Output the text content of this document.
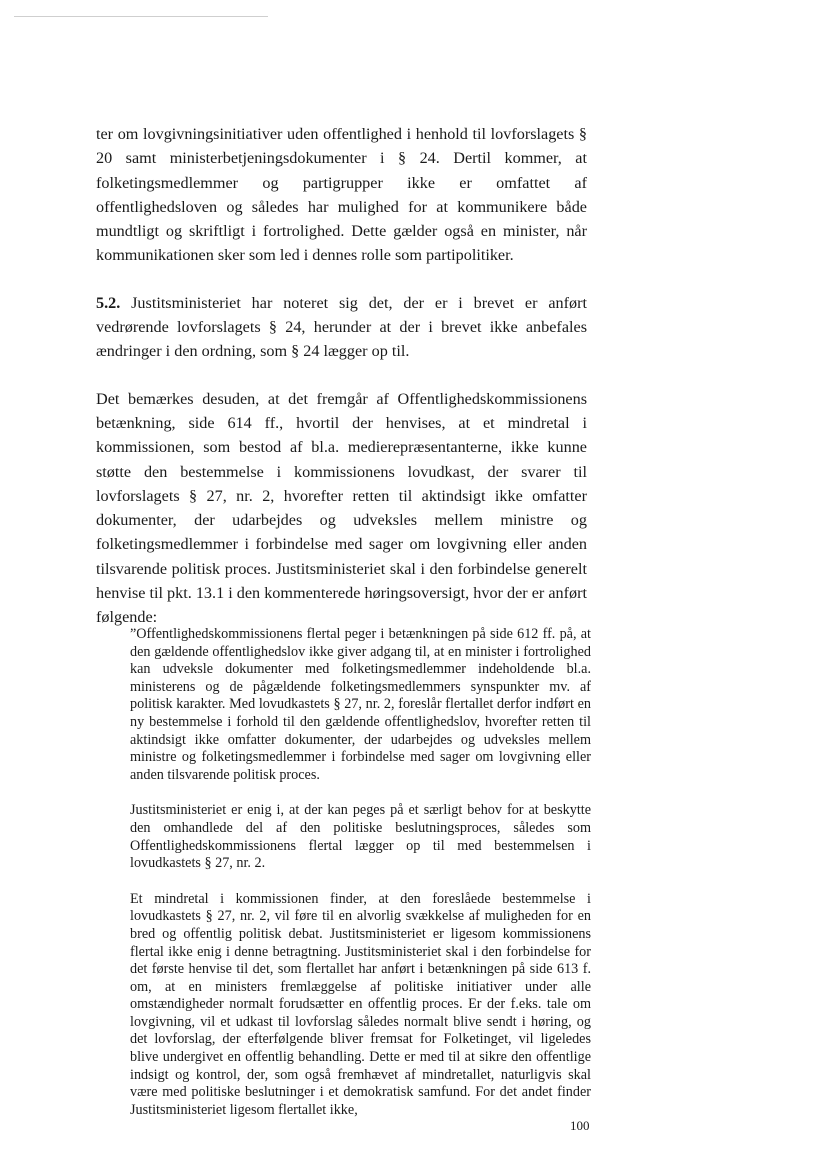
ter om lovgivningsinitiativer uden offentlighed i henhold til lovforslagets § 20 samt ministerbetjeningsdokumenter i § 24. Dertil kommer, at folketingsmedlemmer og partigrupper ikke er omfattet af offentlighedsloven og således har mulighed for at kommunikere både mundtligt og skriftligt i fortrolighed. Dette gælder også en minister, når kommunikationen sker som led i dennes rolle som partipolitiker.

5.2. Justitsministeriet har noteret sig det, der er i brevet er anført vedrørende lovforslagets § 24, herunder at der i brevet ikke anbefales ændringer i den ordning, som § 24 lægger op til.

Det bemærkes desuden, at det fremgår af Offentlighedskommissionens betænkning, side 614 ff., hvortil der henvises, at et mindretal i kommissionen, som bestod af bl.a. medierepræsentanterne, ikke kunne støtte den bestemmelse i kommissionens lovudkast, der svarer til lovforslagets § 27, nr. 2, hvorefter retten til aktindsigt ikke omfatter dokumenter, der udarbejdes og udveksles mellem ministre og folketingsmedlemmer i forbindelse med sager om lovgivning eller anden tilsvarende politisk proces. Justitsministeriet skal i den forbindelse generelt henvise til pkt. 13.1 i den kommenterede høringsoversigt, hvor der er anført følgende:

”Offentlighedskommissionens flertal peger i betænkningen på side 612 ff. på, at den gældende offentlighedslov ikke giver adgang til, at en minister i fortrolighed kan udveksle dokumenter med folketingsmedlemmer indeholdende bl.a. ministerens og de pågældende folketingsmedlemmers synspunkter mv. af politisk karakter. Med lovudkastets § 27, nr. 2, foreslår flertallet derfor indført en ny bestemmelse i forhold til den gældende offentlighedslov, hvorefter retten til aktindsigt ikke omfatter dokumenter, der udarbejdes og udveksles mellem ministre og folketingsmedlemmer i forbindelse med sager om lovgivning eller anden tilsvarende politisk proces.

Justitsministeriet er enig i, at der kan peges på et særligt behov for at beskytte den omhandlede del af den politiske beslutningsproces, således som Offentlighedskommissionens flertal lægger op til med bestemmelsen i lovudkastets § 27, nr. 2.

Et mindretal i kommissionen finder, at den foreslåede bestemmelse i lovudkastets § 27, nr. 2, vil føre til en alvorlig svækkelse af muligheden for en bred og offentlig politisk debat. Justitsministeriet er ligesom kommissionens flertal ikke enig i denne betragtning. Justitsministeriet skal i den forbindelse for det første henvise til det, som flertallet har anført i betænkningen på side 613 f. om, at en ministers fremlæggelse af politiske initiativer under alle omstændigheder normalt forudsætter en offentlig proces. Er der f.eks. tale om lovgivning, vil et udkast til lovforslag således normalt blive sendt i høring, og det lovforslag, der efterfølgende bliver fremsat for Folketinget, vil ligeledes blive undergivet en offentlig behandling. Dette er med til at sikre den offentlige indsigt og kontrol, der, som også fremhævet af mindretallet, naturligvis skal være med politiske beslutninger i et demokratisk samfund. For det andet finder Justitsministeriet ligesom flertallet ikke,

100
